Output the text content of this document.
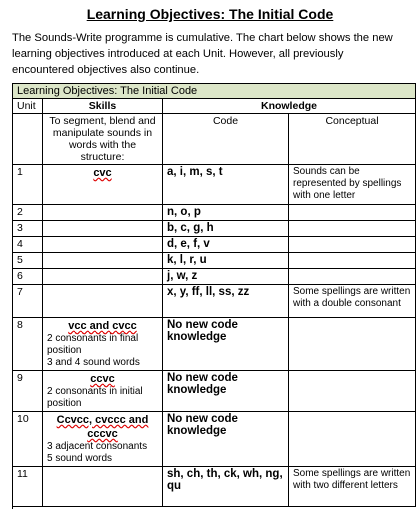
Learning Objectives: The Initial Code
The Sounds-Write programme is cumulative. The chart below shows the new
learning objectives introduced at each Unit. However, all previously
encountered objectives also continue.
Learning Objectives: The Initial Code			
Unit	Skills	Knowledge	
	To segment, blend and manipulate sounds in words with the structure:	Code	Conceptual
1	cvc	a, i, m, s, t	Sounds can be represented by spellings with one letter
2		n, o, p	
3		b, c, g, h	
4		d, e, f, v	
5		k, l, r, u	
6		j, w, z	
7		x, y, ff, ll, ss, zz	Some spellings are written with a double consonant
8	vcc and cvcc
2 consonants in final position
3 and 4 sound words	No new code knowledge	
9	ccvc
2 consonants in initial position	No new code knowledge	
10	Ccvcc, cvccc and cccvc
3 adjacent consonants
5 sound words	No new code knowledge	
11		sh, ch, th, ck, wh, ng, qu	Some spellings are written with two different letters
